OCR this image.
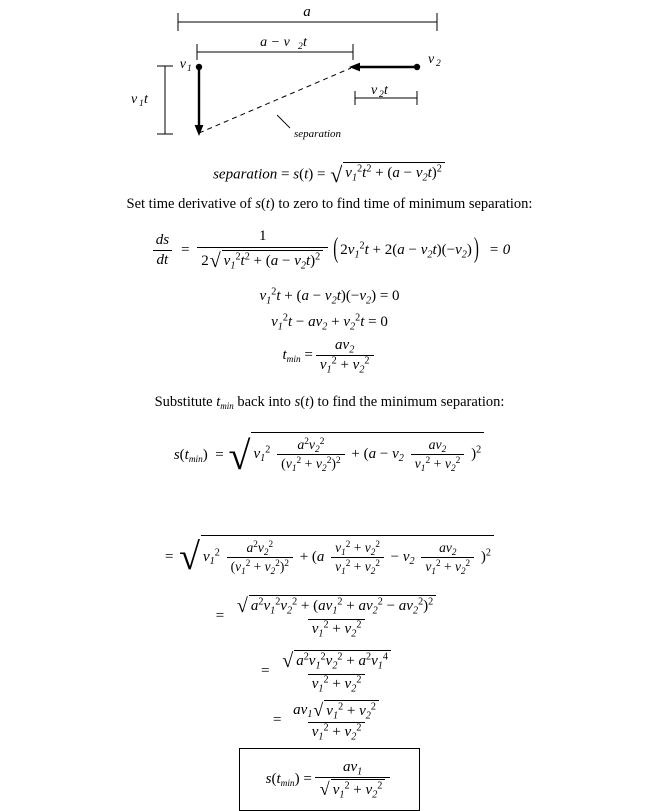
a
a − v 2 t
v 1
v 2
v 1 t
v 2 t
separation
separation = s(t) = √ $v_1^2t^2 + (a - v_2t)^2$
Set time derivative of s(t) to zero to find time of minimum separation:
$\frac{ds}{dt} = \frac{1}{2 √ v_1^2t^2 + (a - v_2t)^2}$ ( $2v_1^2t + 2(a - v_2t)(-v_2)$ ) = 0
$v_1^2t + (a - v_2t)(-v_2) = 0$
$v_1^2t - av_2 + v_2^2t = 0$
$t_{min} = \frac{av_2}{v_1^2 + v_2^2}$
Substitute $t_{min}$ back into s(t) to find the minimum separation:
$s(t_{min})$ = √ $v_1^2 \frac{a^2v_2^2}{(v_1^2 + v_2^2)^2} + (a - v_2 \frac{av_2}{v_1^2 + v_2^2} )^2$
= √ $v_1^2 \frac{a^2v_2^2}{(v_1^2 + v_2^2)^2} + (a \frac{v_1^2 + v_2^2}{v_1^2 + v_2^2} - v_2 \frac{av_2}{v_1^2 + v_2^2} )^2$
= $\frac{√ a^2v_1^2v_2^2 + (av_1^2 + av_2^2 - av_2^2)^2}{v_1^2 + v_2^2}$
= $\frac{√ a^2v_1^2v_2^2 + a^2v_1^4}{v_1^2 + v_2^2}$
= $\frac{av_1 √ v_1^2 + v_2^2}{v_1^2 + v_2^2}$
$s(t_{min}) = \frac{av_1}{√ v_1^2 + v_2^2}$
